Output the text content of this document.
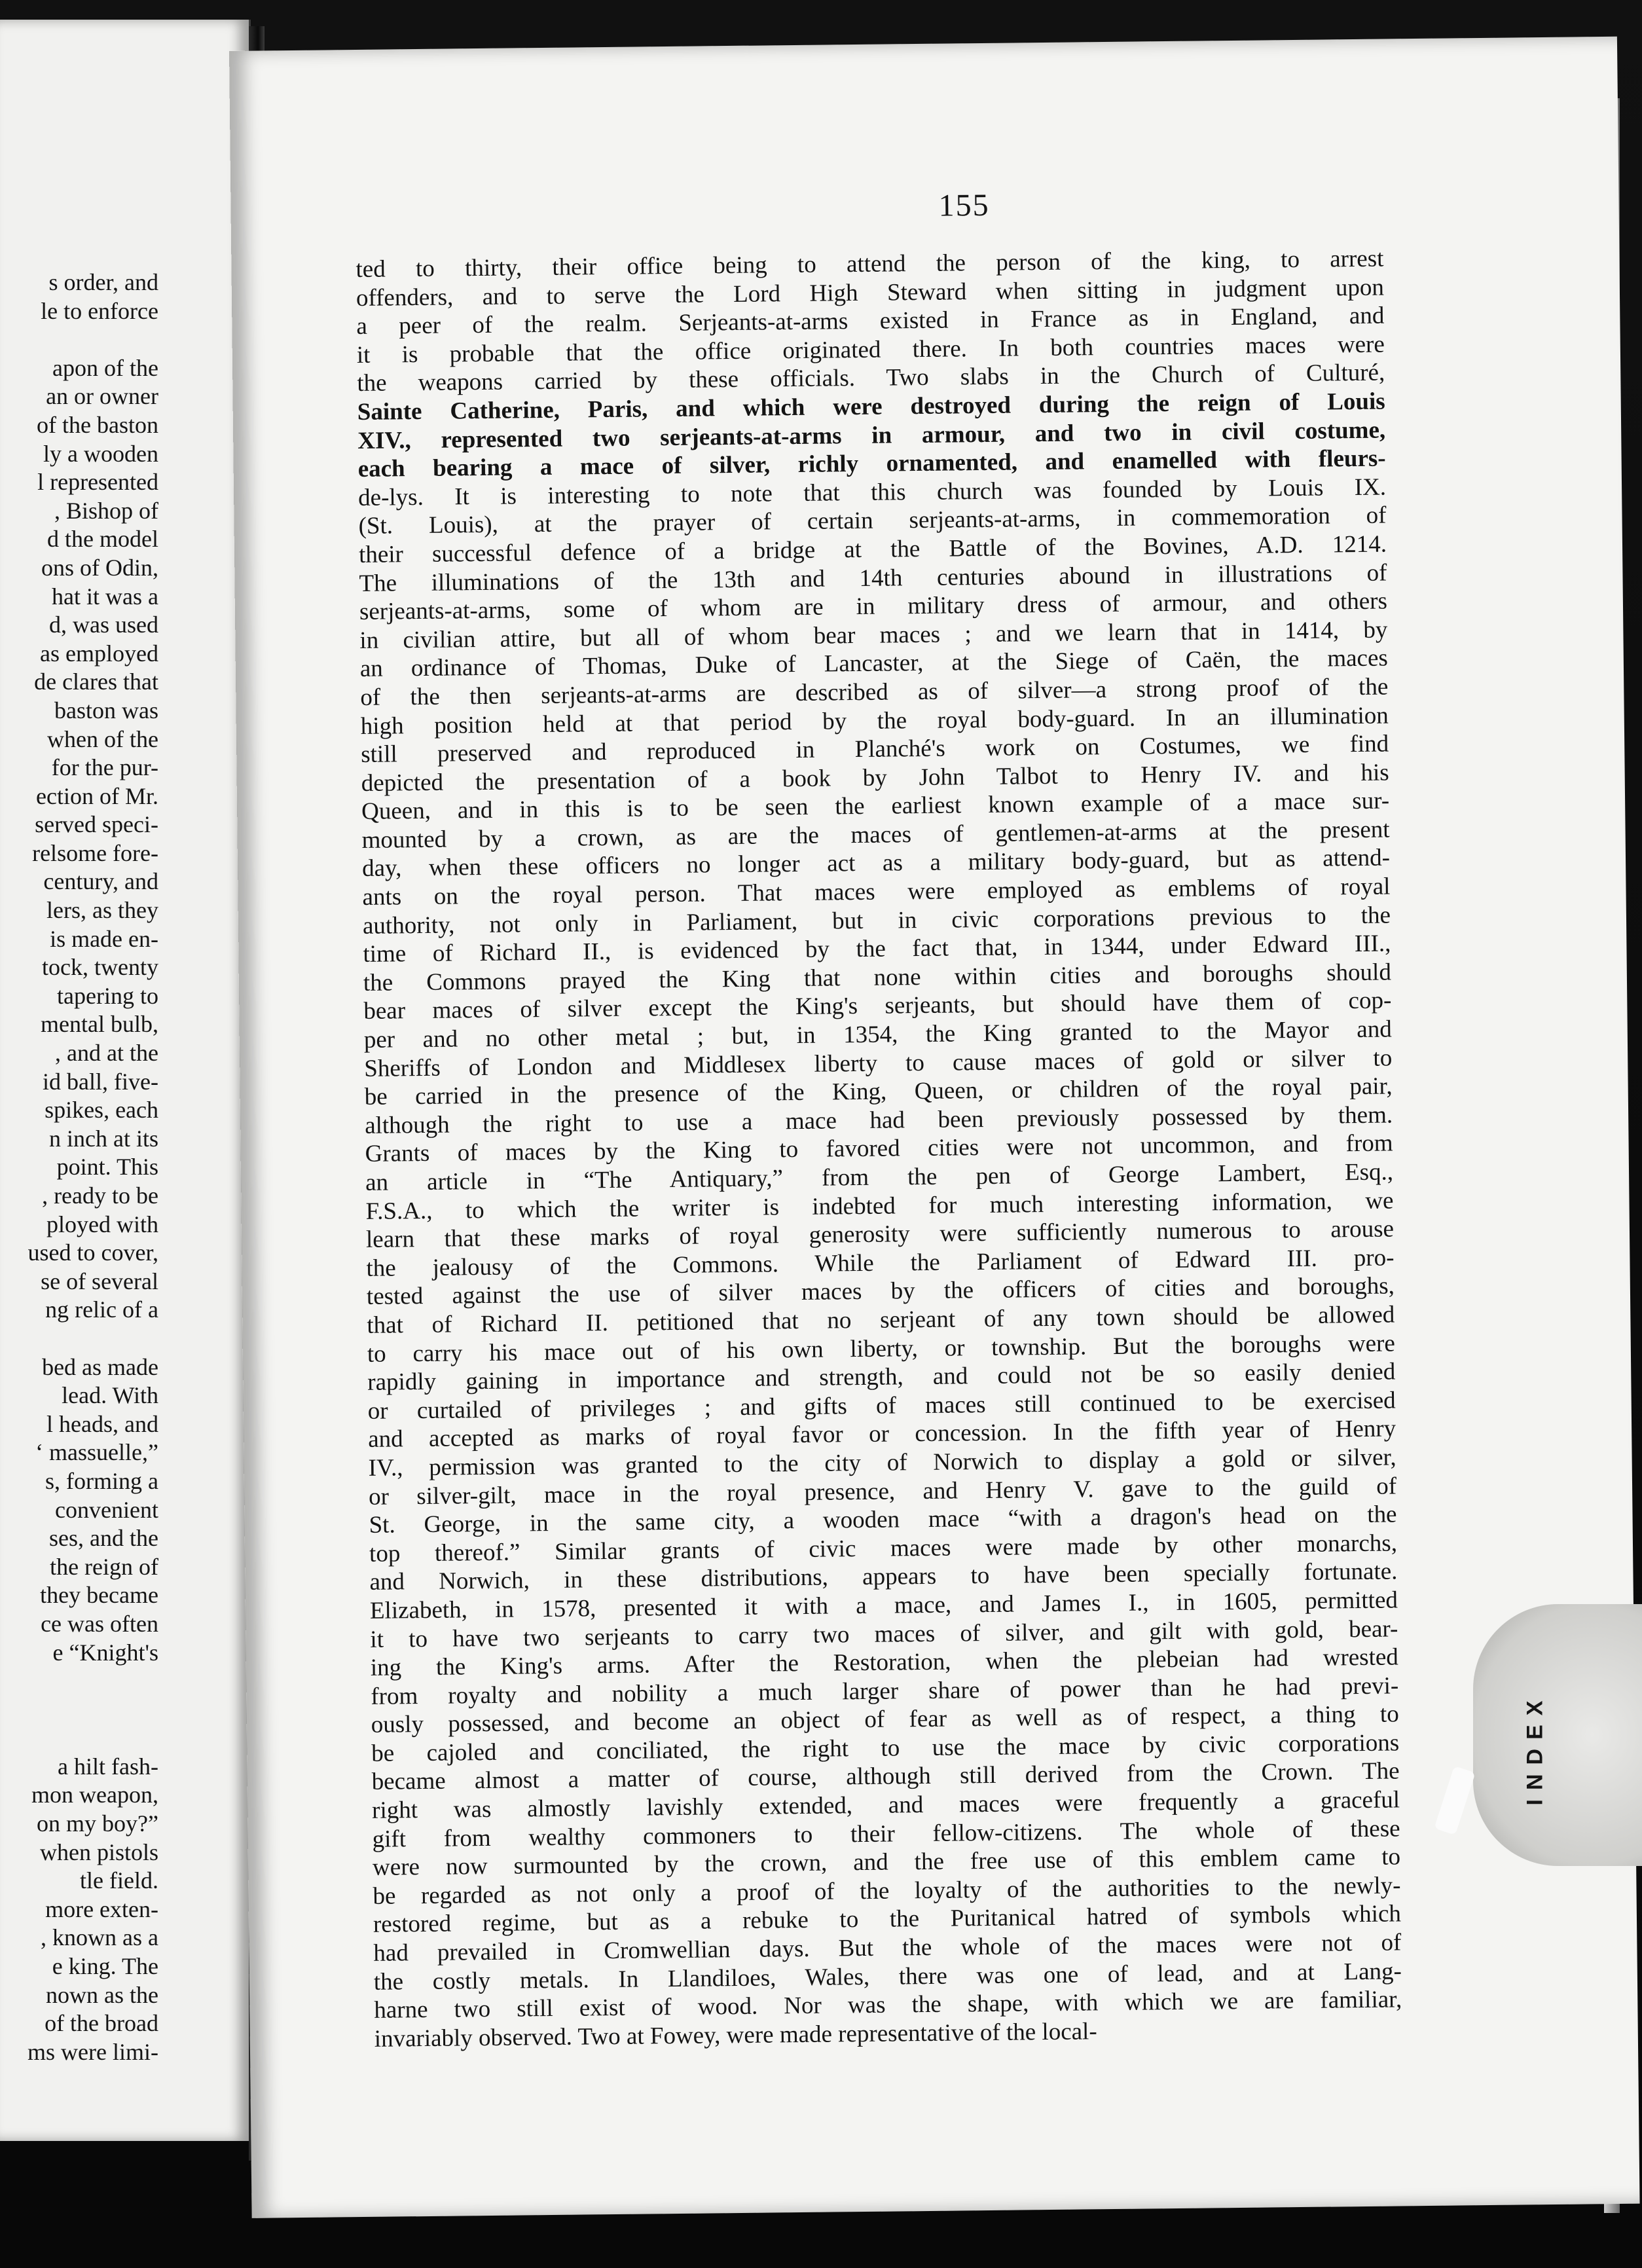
s order, and
le to enforce
apon of the
an or owner
of the baston
ly a wooden
l represented
, Bishop of
d the model
ons of Odin,
hat it was a
d, was used
as employed
de clares that
baston was
when of the
for the pur-
ection of Mr.
served speci-
relsome fore-
century, and
lers, as they
is made en-
tock, twenty
tapering to
mental bulb,
, and at the
id ball, five-
spikes, each
n inch at its
point. This
, ready to be
ployed with
used to cover,
se of several
ng relic of a
bed as made
lead. With
l heads, and
‘ massuelle,”
s, forming a
convenient
ses, and the
the reign of
they became
ce was often
e “Knight's
a hilt fash-
mon weapon,
on my boy?”
when pistols
tle field.
more exten-
, known as a
e king. The
nown as the
of the broad
ms were limi-
155
ted to thirty, their office being to attend the person of the king, to arrest
offenders, and to serve the Lord High Steward when sitting in judgment upon
a peer of the realm. Serjeants-at-arms existed in France as in England, and
it is probable that the office originated there. In both countries maces were
the weapons carried by these officials. Two slabs in the Church of Culturé,
Sainte Catherine, Paris, and which were destroyed during the reign of Louis
XIV., represented two serjeants-at-arms in armour, and two in civil costume,
each bearing a mace of silver, richly ornamented, and enamelled with fleurs-
de-lys. It is interesting to note that this church was founded by Louis IX.
(St. Louis), at the prayer of certain serjeants-at-arms, in commemoration of
their successful defence of a bridge at the Battle of the Bovines, A.D. 1214.
The illuminations of the 13th and 14th centuries abound in illustrations of
serjeants-at-arms, some of whom are in military dress of armour, and others
in civilian attire, but all of whom bear maces ; and we learn that in 1414, by
an ordinance of Thomas, Duke of Lancaster, at the Siege of Caën, the maces
of the then serjeants-at-arms are described as of silver—a strong proof of the
high position held at that period by the royal body-guard. In an illumination
still preserved and reproduced in Planché's work on Costumes, we find
depicted the presentation of a book by John Talbot to Henry IV. and his
Queen, and in this is to be seen the earliest known example of a mace sur-
mounted by a crown, as are the maces of gentlemen-at-arms at the present
day, when these officers no longer act as a military body-guard, but as attend-
ants on the royal person. That maces were employed as emblems of royal
authority, not only in Parliament, but in civic corporations previous to the
time of Richard II., is evidenced by the fact that, in 1344, under Edward III.,
the Commons prayed the King that none within cities and boroughs should
bear maces of silver except the King's serjeants, but should have them of cop-
per and no other metal ; but, in 1354, the King granted to the Mayor and
Sheriffs of London and Middlesex liberty to cause maces of gold or silver to
be carried in the presence of the King, Queen, or children of the royal pair,
although the right to use a mace had been previously possessed by them.
Grants of maces by the King to favored cities were not uncommon, and from
an article in “The Antiquary,” from the pen of George Lambert, Esq.,
F.S.A., to which the writer is indebted for much interesting information, we
learn that these marks of royal generosity were sufficiently numerous to arouse
the jealousy of the Commons. While the Parliament of Edward III. pro-
tested against the use of silver maces by the officers of cities and boroughs,
that of Richard II. petitioned that no serjeant of any town should be allowed
to carry his mace out of his own liberty, or township. But the boroughs were
rapidly gaining in importance and strength, and could not be so easily denied
or curtailed of privileges ; and gifts of maces still continued to be exercised
and accepted as marks of royal favor or concession. In the fifth year of Henry
IV., permission was granted to the city of Norwich to display a gold or silver,
or silver-gilt, mace in the royal presence, and Henry V. gave to the guild of
St. George, in the same city, a wooden mace “with a dragon's head on the
top thereof.” Similar grants of civic maces were made by other monarchs,
and Norwich, in these distributions, appears to have been specially fortunate.
Elizabeth, in 1578, presented it with a mace, and James I., in 1605, permitted
it to have two serjeants to carry two maces of silver, and gilt with gold, bear-
ing the King's arms. After the Restoration, when the plebeian had wrested
from royalty and nobility a much larger share of power than he had previ-
ously possessed, and become an object of fear as well as of respect, a thing to
be cajoled and conciliated, the right to use the mace by civic corporations
became almost a matter of course, although still derived from the Crown. The
right was almostly lavishly extended, and maces were frequently a graceful
gift from wealthy commoners to their fellow-citizens. The whole of these
were now surmounted by the crown, and the free use of this emblem came to
be regarded as not only a proof of the loyalty of the authorities to the newly-
restored regime, but as a rebuke to the Puritanical hatred of symbols which
had prevailed in Cromwellian days. But the whole of the maces were not of
the costly metals. In Llandiloes, Wales, there was one of lead, and at Lang-
harne two still exist of wood. Nor was the shape, with which we are familiar,
invariably observed. Two at Fowey, were made representative of the local-
INDEX
